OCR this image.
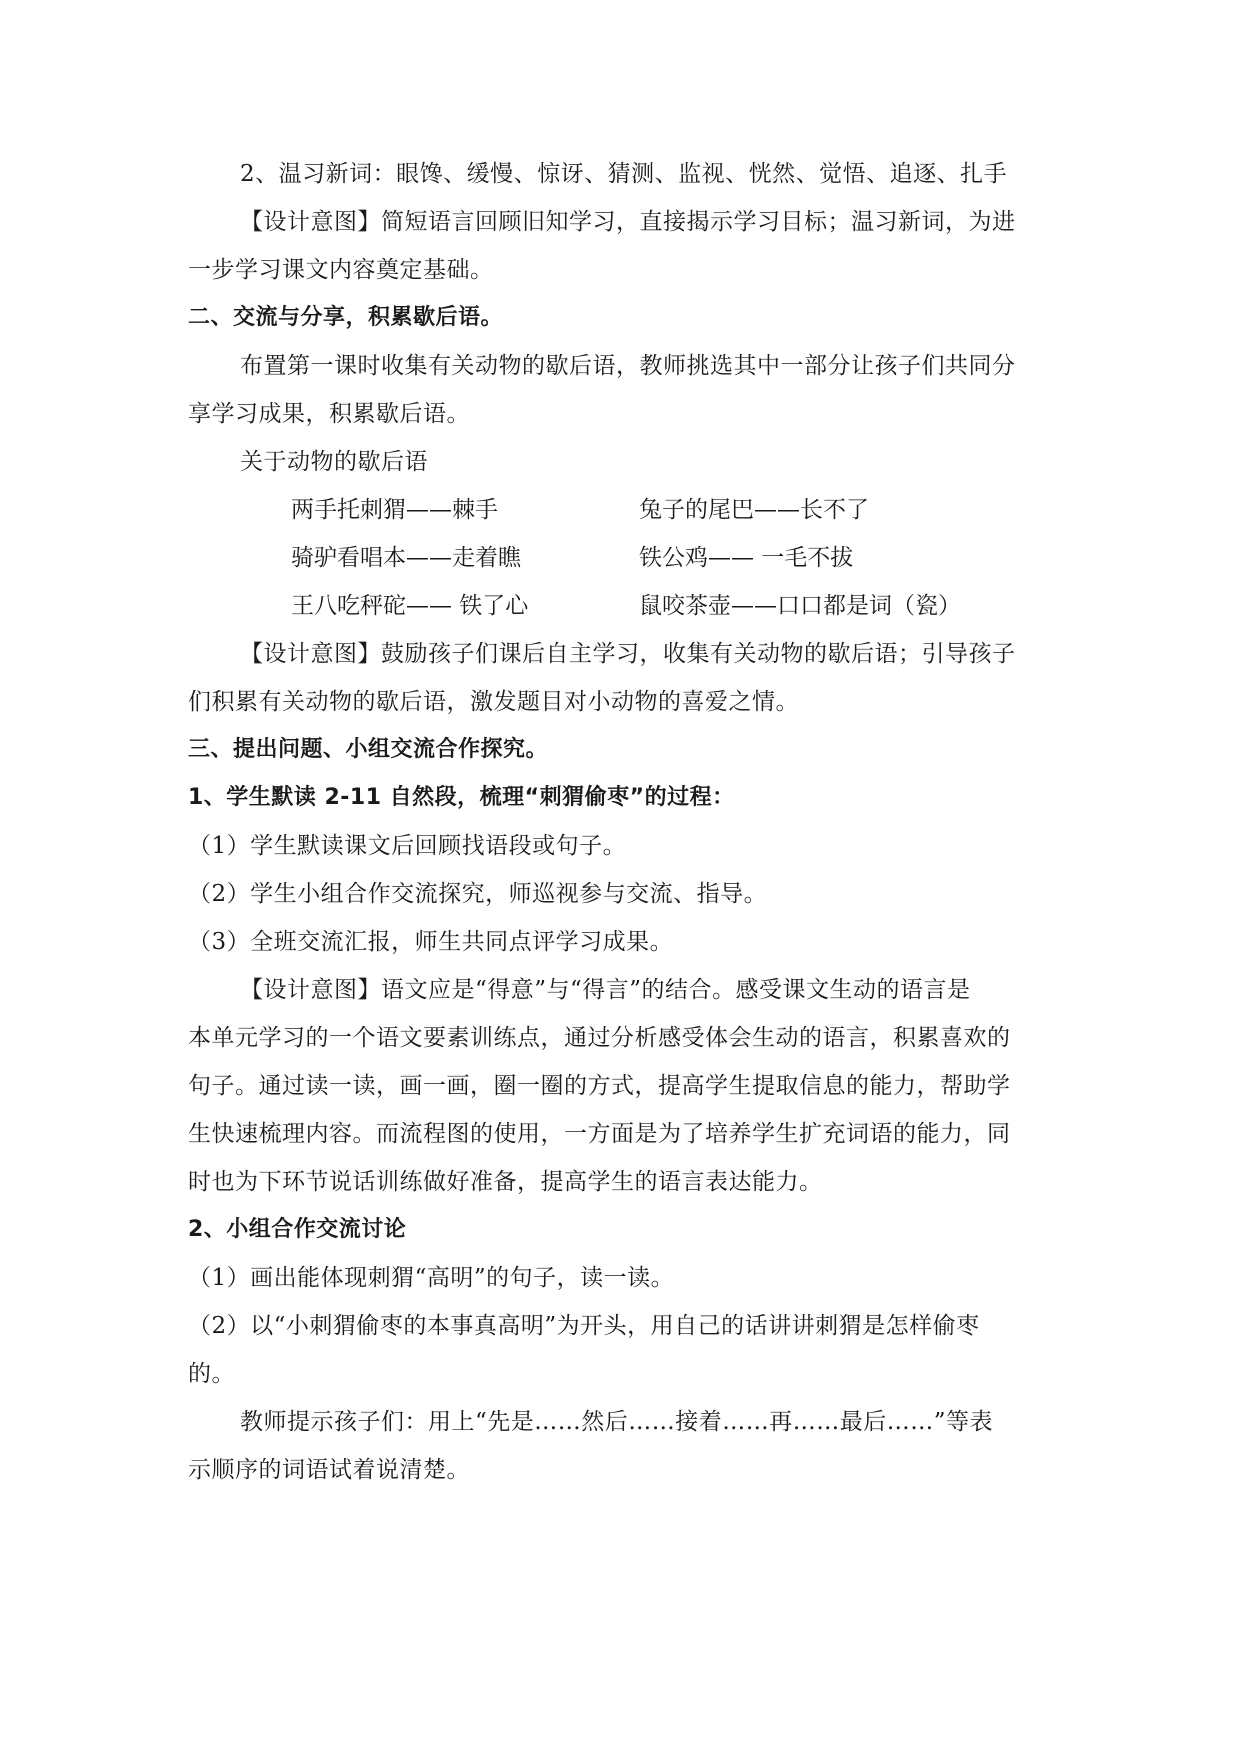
2、温习新词：眼馋、缓慢、惊讶、猜测、监视、恍然、觉悟、追逐、扎手
【设计意图】简短语言回顾旧知学习，直接揭示学习目标；温习新词，为进
一步学习课文内容奠定基础。
二、交流与分享，积累歇后语。
布置第一课时收集有关动物的歇后语，教师挑选其中一部分让孩子们共同分
享学习成果，积累歇后语。
关于动物的歇后语
两手托刺猬——棘手	兔子的尾巴——长不了
骑驴看唱本——走着瞧	铁公鸡—— 一毛不拔
王八吃秤砣—— 铁了心	鼠咬茶壶——口口都是词（瓷）
【设计意图】鼓励孩子们课后自主学习，收集有关动物的歇后语；引导孩子
们积累有关动物的歇后语，激发题目对小动物的喜爱之情。
三、提出问题、小组交流合作探究。
1、学生默读 2-11 自然段，梳理“刺猬偷枣”的过程：
（1）学生默读课文后回顾找语段或句子。
（2）学生小组合作交流探究，师巡视参与交流、指导。
（3）全班交流汇报，师生共同点评学习成果。
【设计意图】语文应是“得意”与“得言”的结合。感受课文生动的语言是
本单元学习的一个语文要素训练点，通过分析感受体会生动的语言，积累喜欢的
句子。通过读一读，画一画，圈一圈的方式，提高学生提取信息的能力，帮助学
生快速梳理内容。而流程图的使用，一方面是为了培养学生扩充词语的能力，同
时也为下环节说话训练做好准备，提高学生的语言表达能力。
2、小组合作交流讨论
（1）画出能体现刺猬“高明”的句子，读一读。
（2）以“小刺猬偷枣的本事真高明”为开头，用自己的话讲讲刺猬是怎样偷枣
的。
教师提示孩子们：用上“先是……然后……接着……再……最后……”等表
示顺序的词语试着说清楚。
